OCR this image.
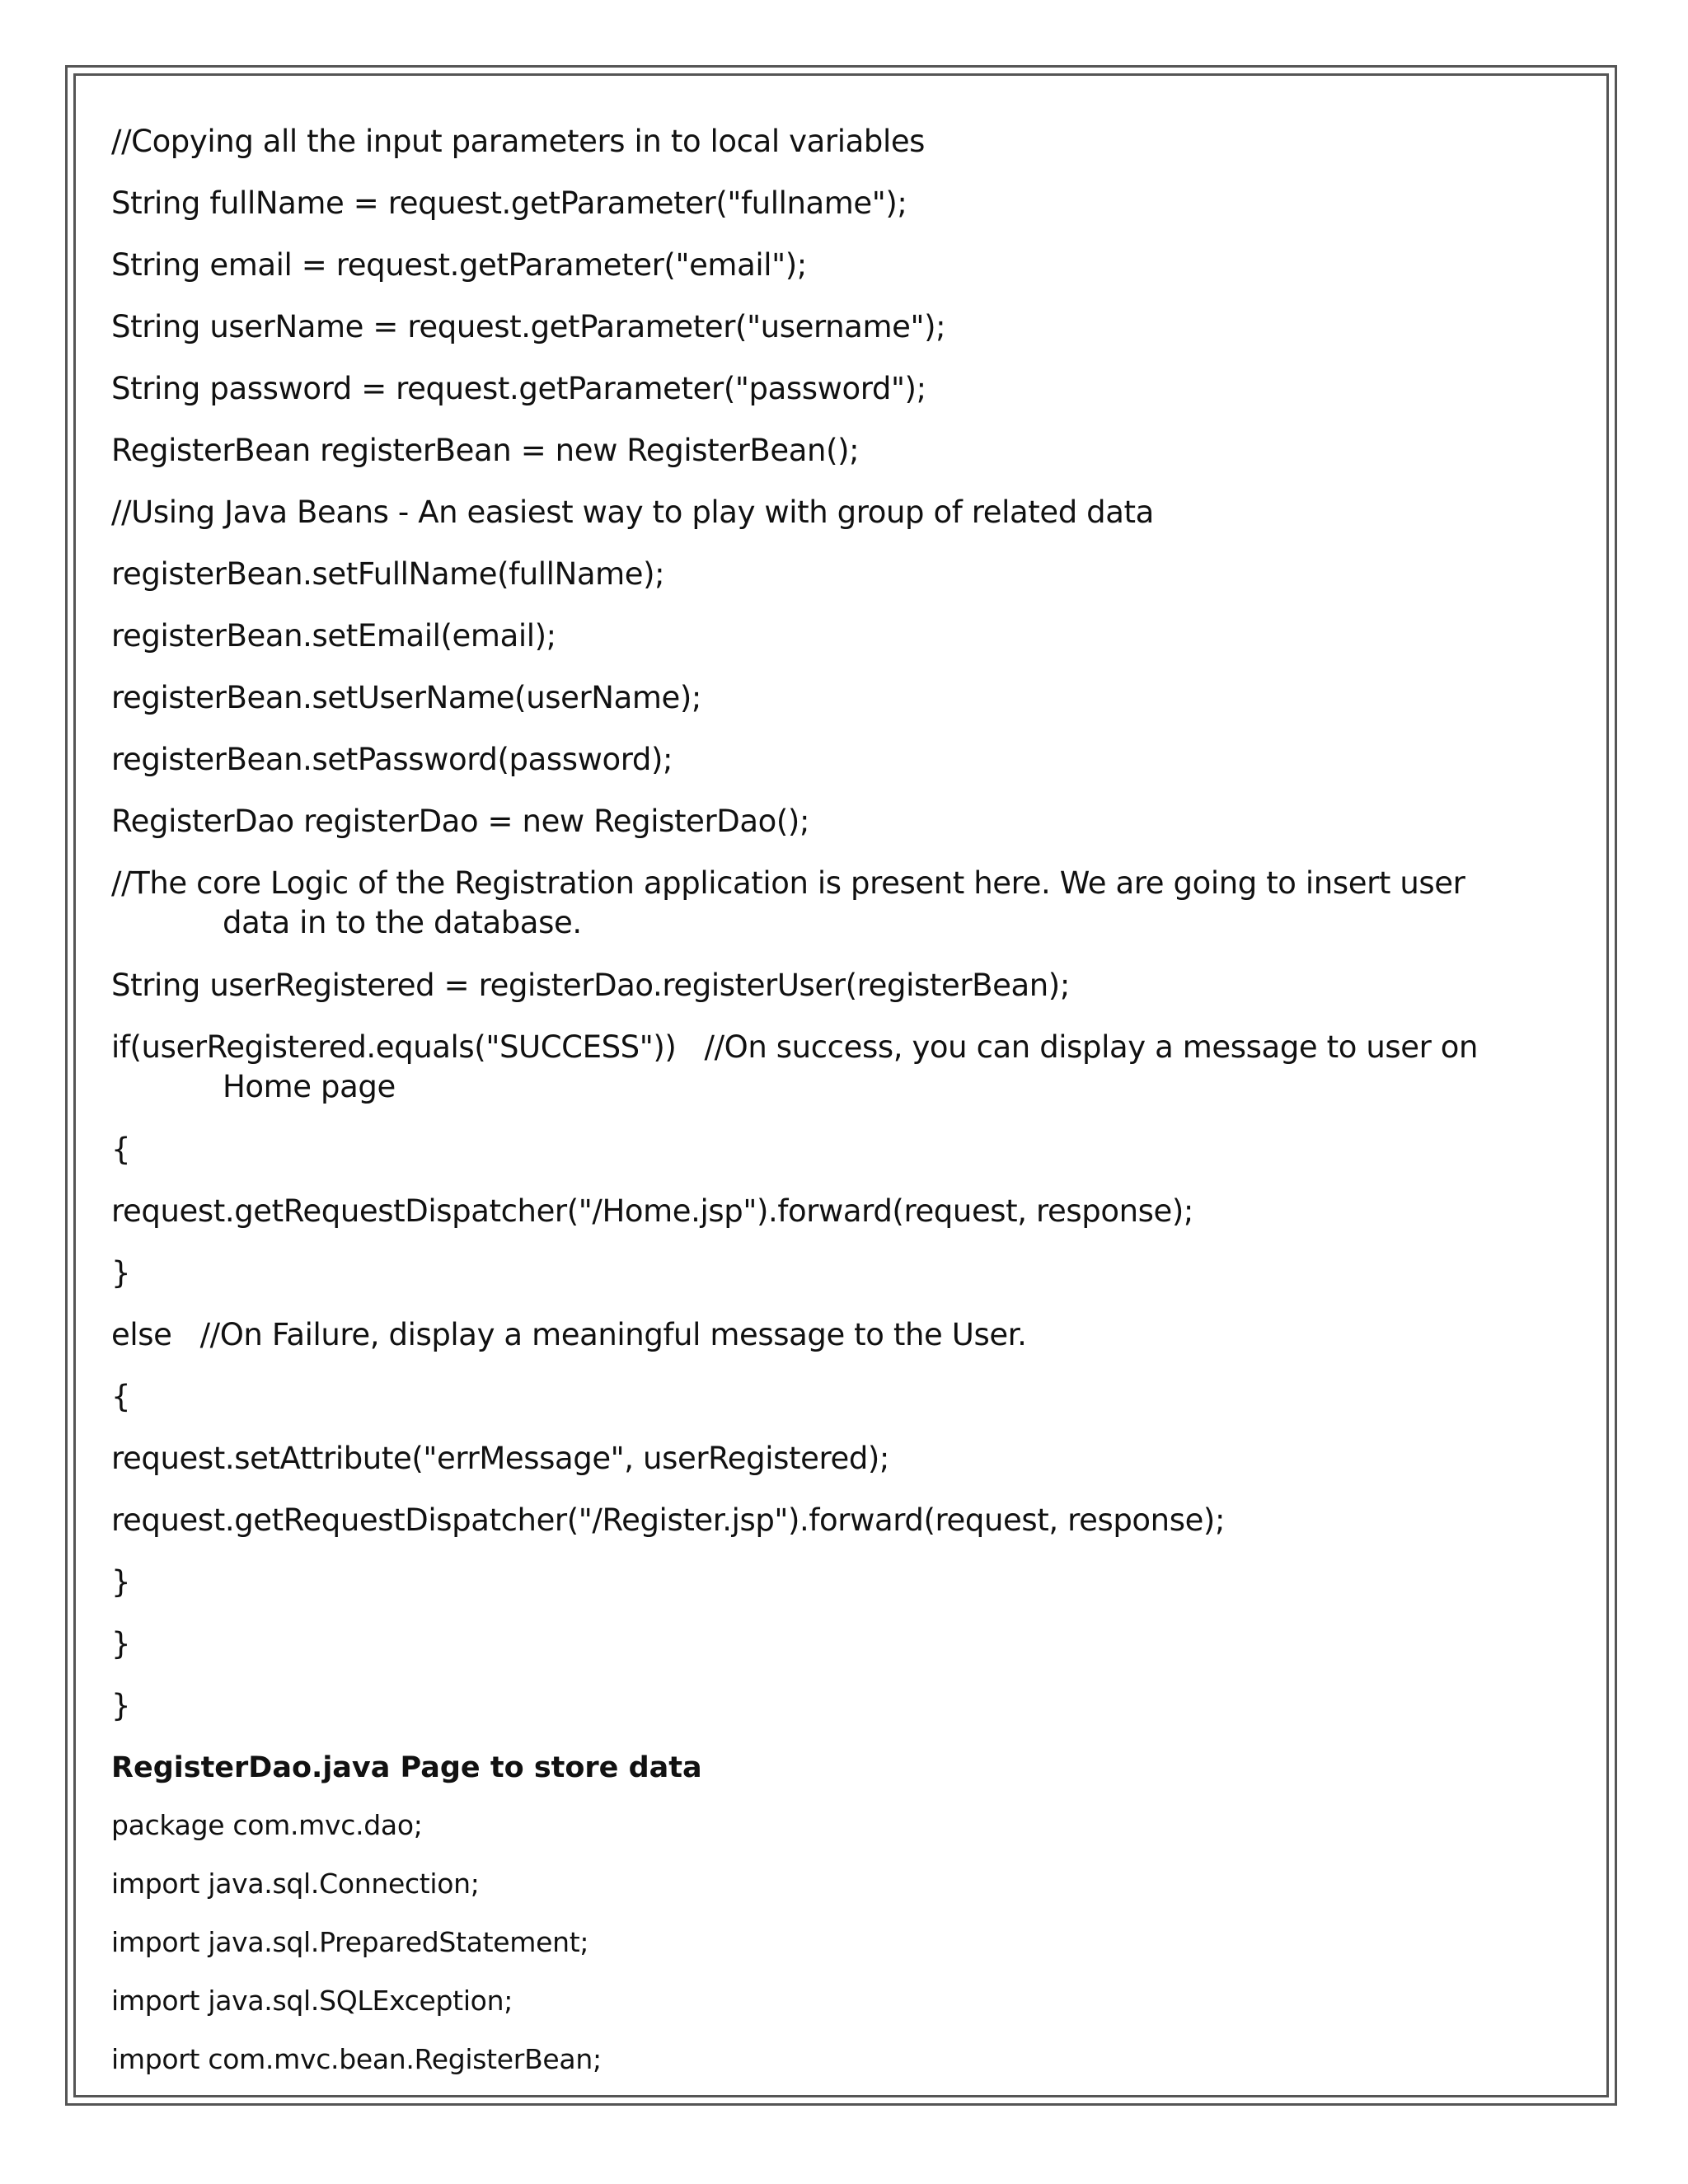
//Copying all the input parameters in to local variables
String fullName = request.getParameter("fullname");
String email = request.getParameter("email");
String userName = request.getParameter("username");
String password = request.getParameter("password");
RegisterBean registerBean = new RegisterBean();
//Using Java Beans - An easiest way to play with group of related data
registerBean.setFullName(fullName);
registerBean.setEmail(email);
registerBean.setUserName(userName);
registerBean.setPassword(password);
RegisterDao registerDao = new RegisterDao();
//The core Logic of the Registration application is present here. We are going to insert user
data in to the database.
String userRegistered = registerDao.registerUser(registerBean);
if(userRegistered.equals("SUCCESS"))   //On success, you can display a message to user on
Home page
{
request.getRequestDispatcher("/Home.jsp").forward(request, response);
}
else   //On Failure, display a meaningful message to the User.
{
request.setAttribute("errMessage", userRegistered);
request.getRequestDispatcher("/Register.jsp").forward(request, response);
}
}
}
RegisterDao.java Page to store data
package com.mvc.dao;
import java.sql.Connection;
import java.sql.PreparedStatement;
import java.sql.SQLException;
import com.mvc.bean.RegisterBean;
